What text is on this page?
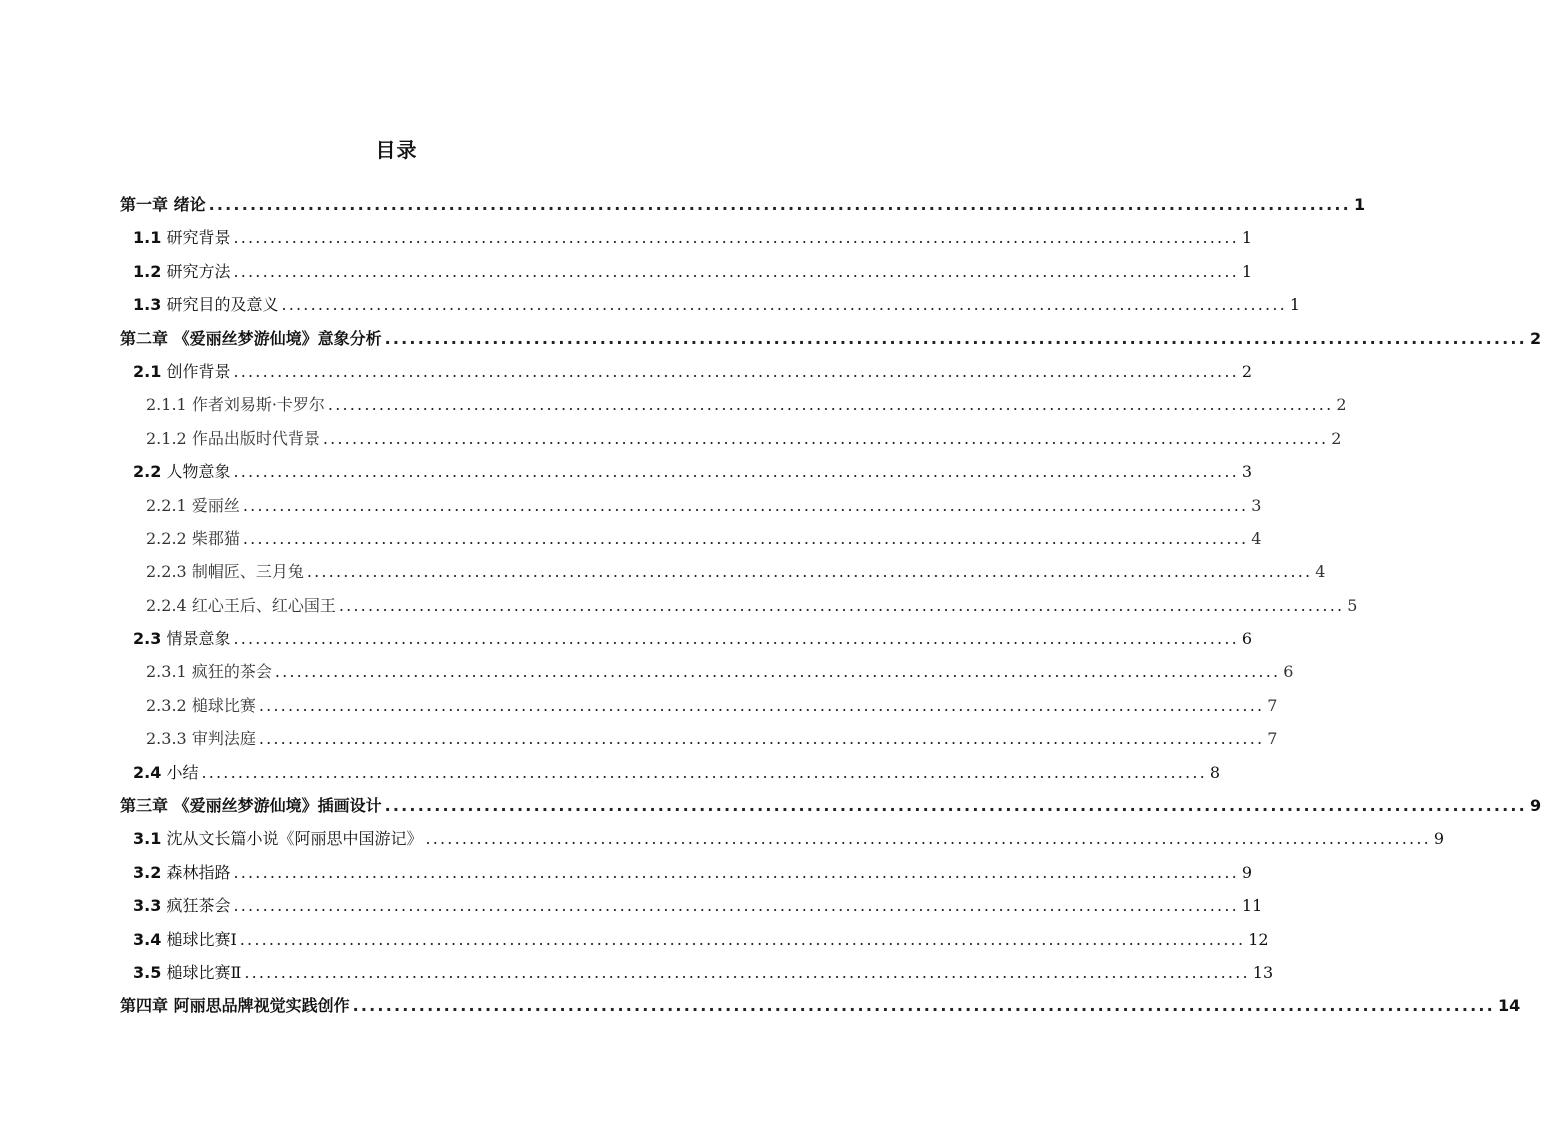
目录
第一章 绪论 .......................................................................................................................................... 1
1.1 研究背景 .......................................................................................................................................... 1
1.2 研究方法 .......................................................................................................................................... 1
1.3 研究目的及意义 .......................................................................................................................................... 1
第二章 《爱丽丝梦游仙境》意象分析 .......................................................................................................................................... 2
2.1 创作背景 .......................................................................................................................................... 2
2.1.1 作者刘易斯·卡罗尔 .......................................................................................................................................... 2
2.1.2 作品出版时代背景 .......................................................................................................................................... 2
2.2 人物意象 .......................................................................................................................................... 3
2.2.1 爱丽丝 .......................................................................................................................................... 3
2.2.2 柴郡猫 .......................................................................................................................................... 4
2.2.3 制帽匠、三月兔 .......................................................................................................................................... 4
2.2.4 红心王后、红心国王 .......................................................................................................................................... 5
2.3 情景意象 .......................................................................................................................................... 6
2.3.1 疯狂的茶会 .......................................................................................................................................... 6
2.3.2 槌球比赛 .......................................................................................................................................... 7
2.3.3 审判法庭 .......................................................................................................................................... 7
2.4 小结 .......................................................................................................................................... 8
第三章 《爱丽丝梦游仙境》插画设计 .......................................................................................................................................... 9
3.1 沈从文长篇小说《阿丽思中国游记》 .......................................................................................................................................... 9
3.2 森林指路 .......................................................................................................................................... 9
3.3 疯狂茶会 .......................................................................................................................................... 11
3.4 槌球比赛Ⅰ .......................................................................................................................................... 12
3.5 槌球比赛Ⅱ .......................................................................................................................................... 13
第四章 阿丽思品牌视觉实践创作 .......................................................................................................................................... 14
